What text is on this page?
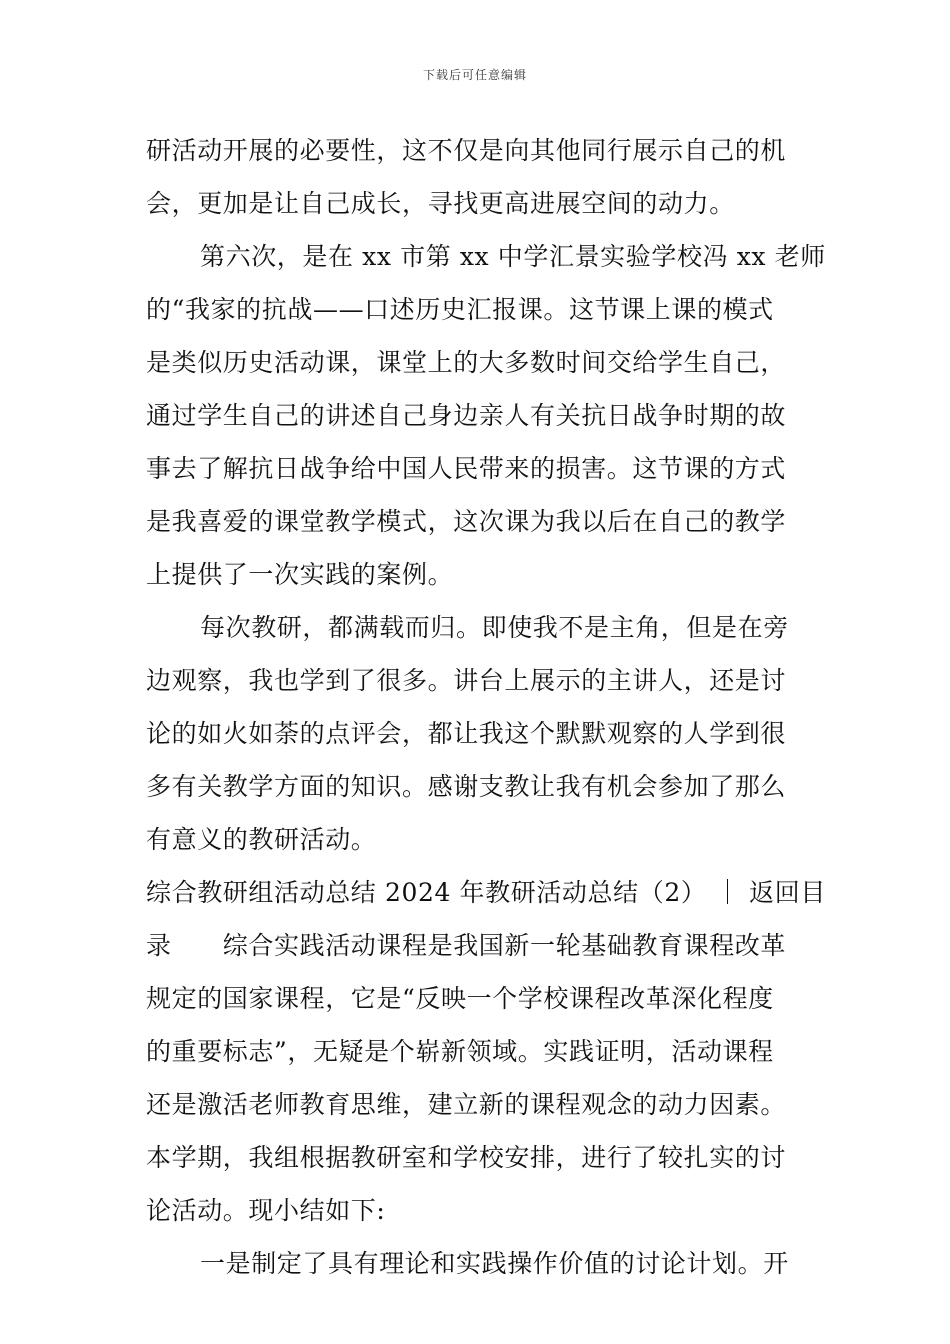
下载后可任意编辑
研活动开展的必要性，这不仅是向其他同行展示自己的机
会，更加是让自己成长，寻找更高进展空间的动力。
第六次，是在 xx 市第 xx 中学汇景实验学校冯 xx 老师
的“我家的抗战——口述历史汇报课。这节课上课的模式
是类似历史活动课，课堂上的大多数时间交给学生自己，
通过学生自己的讲述自己身边亲人有关抗日战争时期的故
事去了解抗日战争给中国人民带来的损害。这节课的方式
是我喜爱的课堂教学模式，这次课为我以后在自己的教学
上提供了一次实践的案例。
每次教研，都满载而归。即使我不是主角，但是在旁
边观察，我也学到了很多。讲台上展示的主讲人，还是讨
论的如火如荼的点评会，都让我这个默默观察的人学到很
多有关教学方面的知识。感谢支教让我有机会参加了那么
有意义的教研活动。
综合教研组活动总结 2024 年教研活动总结（2） ｜ 返回目
录　　综合实践活动课程是我国新一轮基础教育课程改革
规定的国家课程，它是“反映一个学校课程改革深化程度
的重要标志”，无疑是个崭新领域。实践证明，活动课程
还是激活老师教育思维，建立新的课程观念的动力因素。
本学期，我组根据教研室和学校安排，进行了较扎实的讨
论活动。现小结如下:
一是制定了具有理论和实践操作价值的讨论计划。开
